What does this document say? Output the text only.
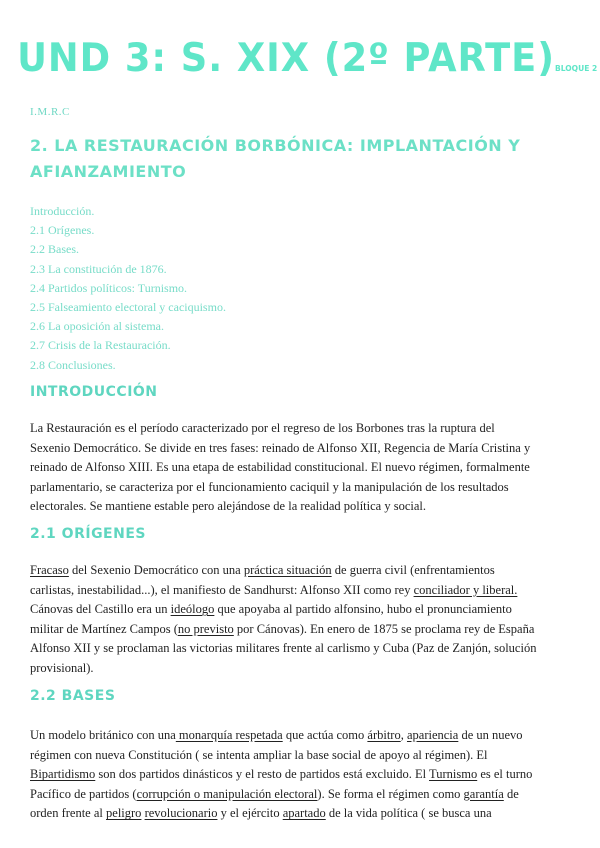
UND 3: S. XIX (2º PARTE)BLOQUE 2
I.M.R.C
2. LA RESTAURACIÓN BORBÓNICA: IMPLANTACIÓN Y
AFIANZAMIENTO
Introducción.
2.1 Orígenes.
2.2 Bases.
2.3 La constitución de 1876.
2.4 Partidos políticos: Turnismo.
2.5 Falseamiento electoral y caciquismo.
2.6 La oposición al sistema.
2.7 Crisis de la Restauración.
2.8 Conclusiones.
INTRODUCCIÓN
La Restauración es el período caracterizado por el regreso de los Borbones tras la ruptura del
Sexenio Democrático. Se divide en tres fases: reinado de Alfonso XII, Regencia de María Cristina y
reinado de Alfonso XIII. Es una etapa de estabilidad constitucional. El nuevo régimen, formalmente
parlamentario, se caracteriza por el funcionamiento caciquil y la manipulación de los resultados
electorales. Se mantiene estable pero alejándose de la realidad política y social.
2.1 ORÍGENES
Fracaso del Sexenio Democrático con una práctica situación de guerra civil (enfrentamientos
carlistas, inestabilidad...), el manifiesto de Sandhurst: Alfonso XII como rey conciliador y liberal.
Cánovas del Castillo era un ideólogo que apoyaba al partido alfonsino, hubo el pronunciamiento
militar de Martínez Campos (no previsto por Cánovas). En enero de 1875 se proclama rey de España
Alfonso XII y se proclaman las victorias militares frente al carlismo y Cuba (Paz de Zanjón, solución
provisional).
2.2 BASES
Un modelo británico con una monarquía respetada que actúa como árbitro, apariencia de un nuevo
régimen con nueva Constitución ( se intenta ampliar la base social de apoyo al régimen). El
Bipartidismo son dos partidos dinásticos y el resto de partidos está excluido. El Turnismo es el turno
Pacífico de partidos (corrupción o manipulación electoral). Se forma el régimen como garantía de
orden frente al peligro revolucionario y el ejército apartado de la vida política ( se busca una
